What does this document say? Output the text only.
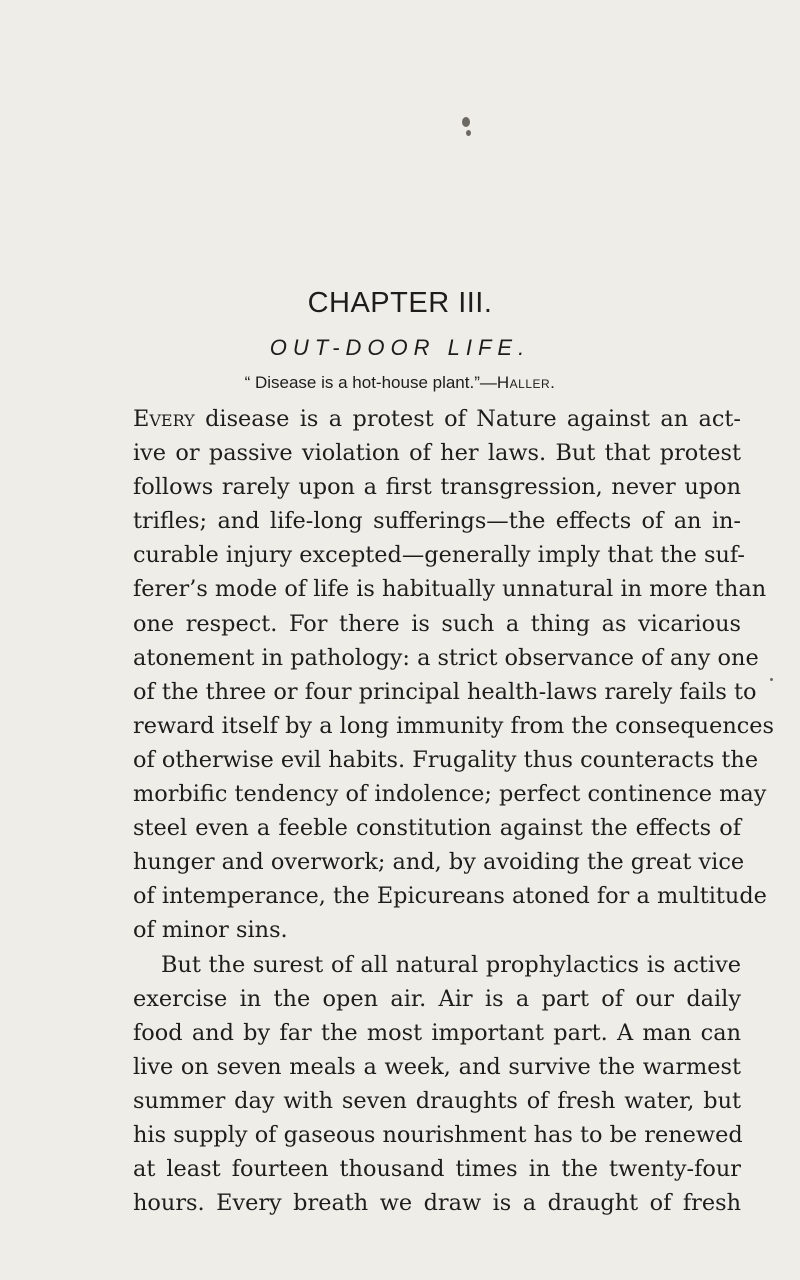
CHAPTER III.
OUT-DOOR LIFE.

“ Disease is a hot-house plant.”—Haller.

Every disease is a protest of Nature against an act-
ive or passive violation of her laws. But that protest
follows rarely upon a first transgression, never upon
trifles; and life-long sufferings—the effects of an in-
curable injury excepted—generally imply that the suf-
ferer’s mode of life is habitually unnatural in more than
one respect. For there is such a thing as vicarious
atonement in pathology: a strict observance of any one
of the three or four principal health-laws rarely fails to
reward itself by a long immunity from the consequences
of otherwise evil habits. Frugality thus counteracts the
morbific tendency of indolence; perfect continence may
steel even a feeble constitution against the effects of
hunger and overwork; and, by avoiding the great vice
of intemperance, the Epicureans atoned for a multitude
of minor sins.
But the surest of all natural prophylactics is active
exercise in the open air. Air is a part of our daily
food and by far the most important part. A man can
live on seven meals a week, and survive the warmest
summer day with seven draughts of fresh water, but
his supply of gaseous nourishment has to be renewed
at least fourteen thousand times in the twenty-four
hours. Every breath we draw is a draught of fresh
